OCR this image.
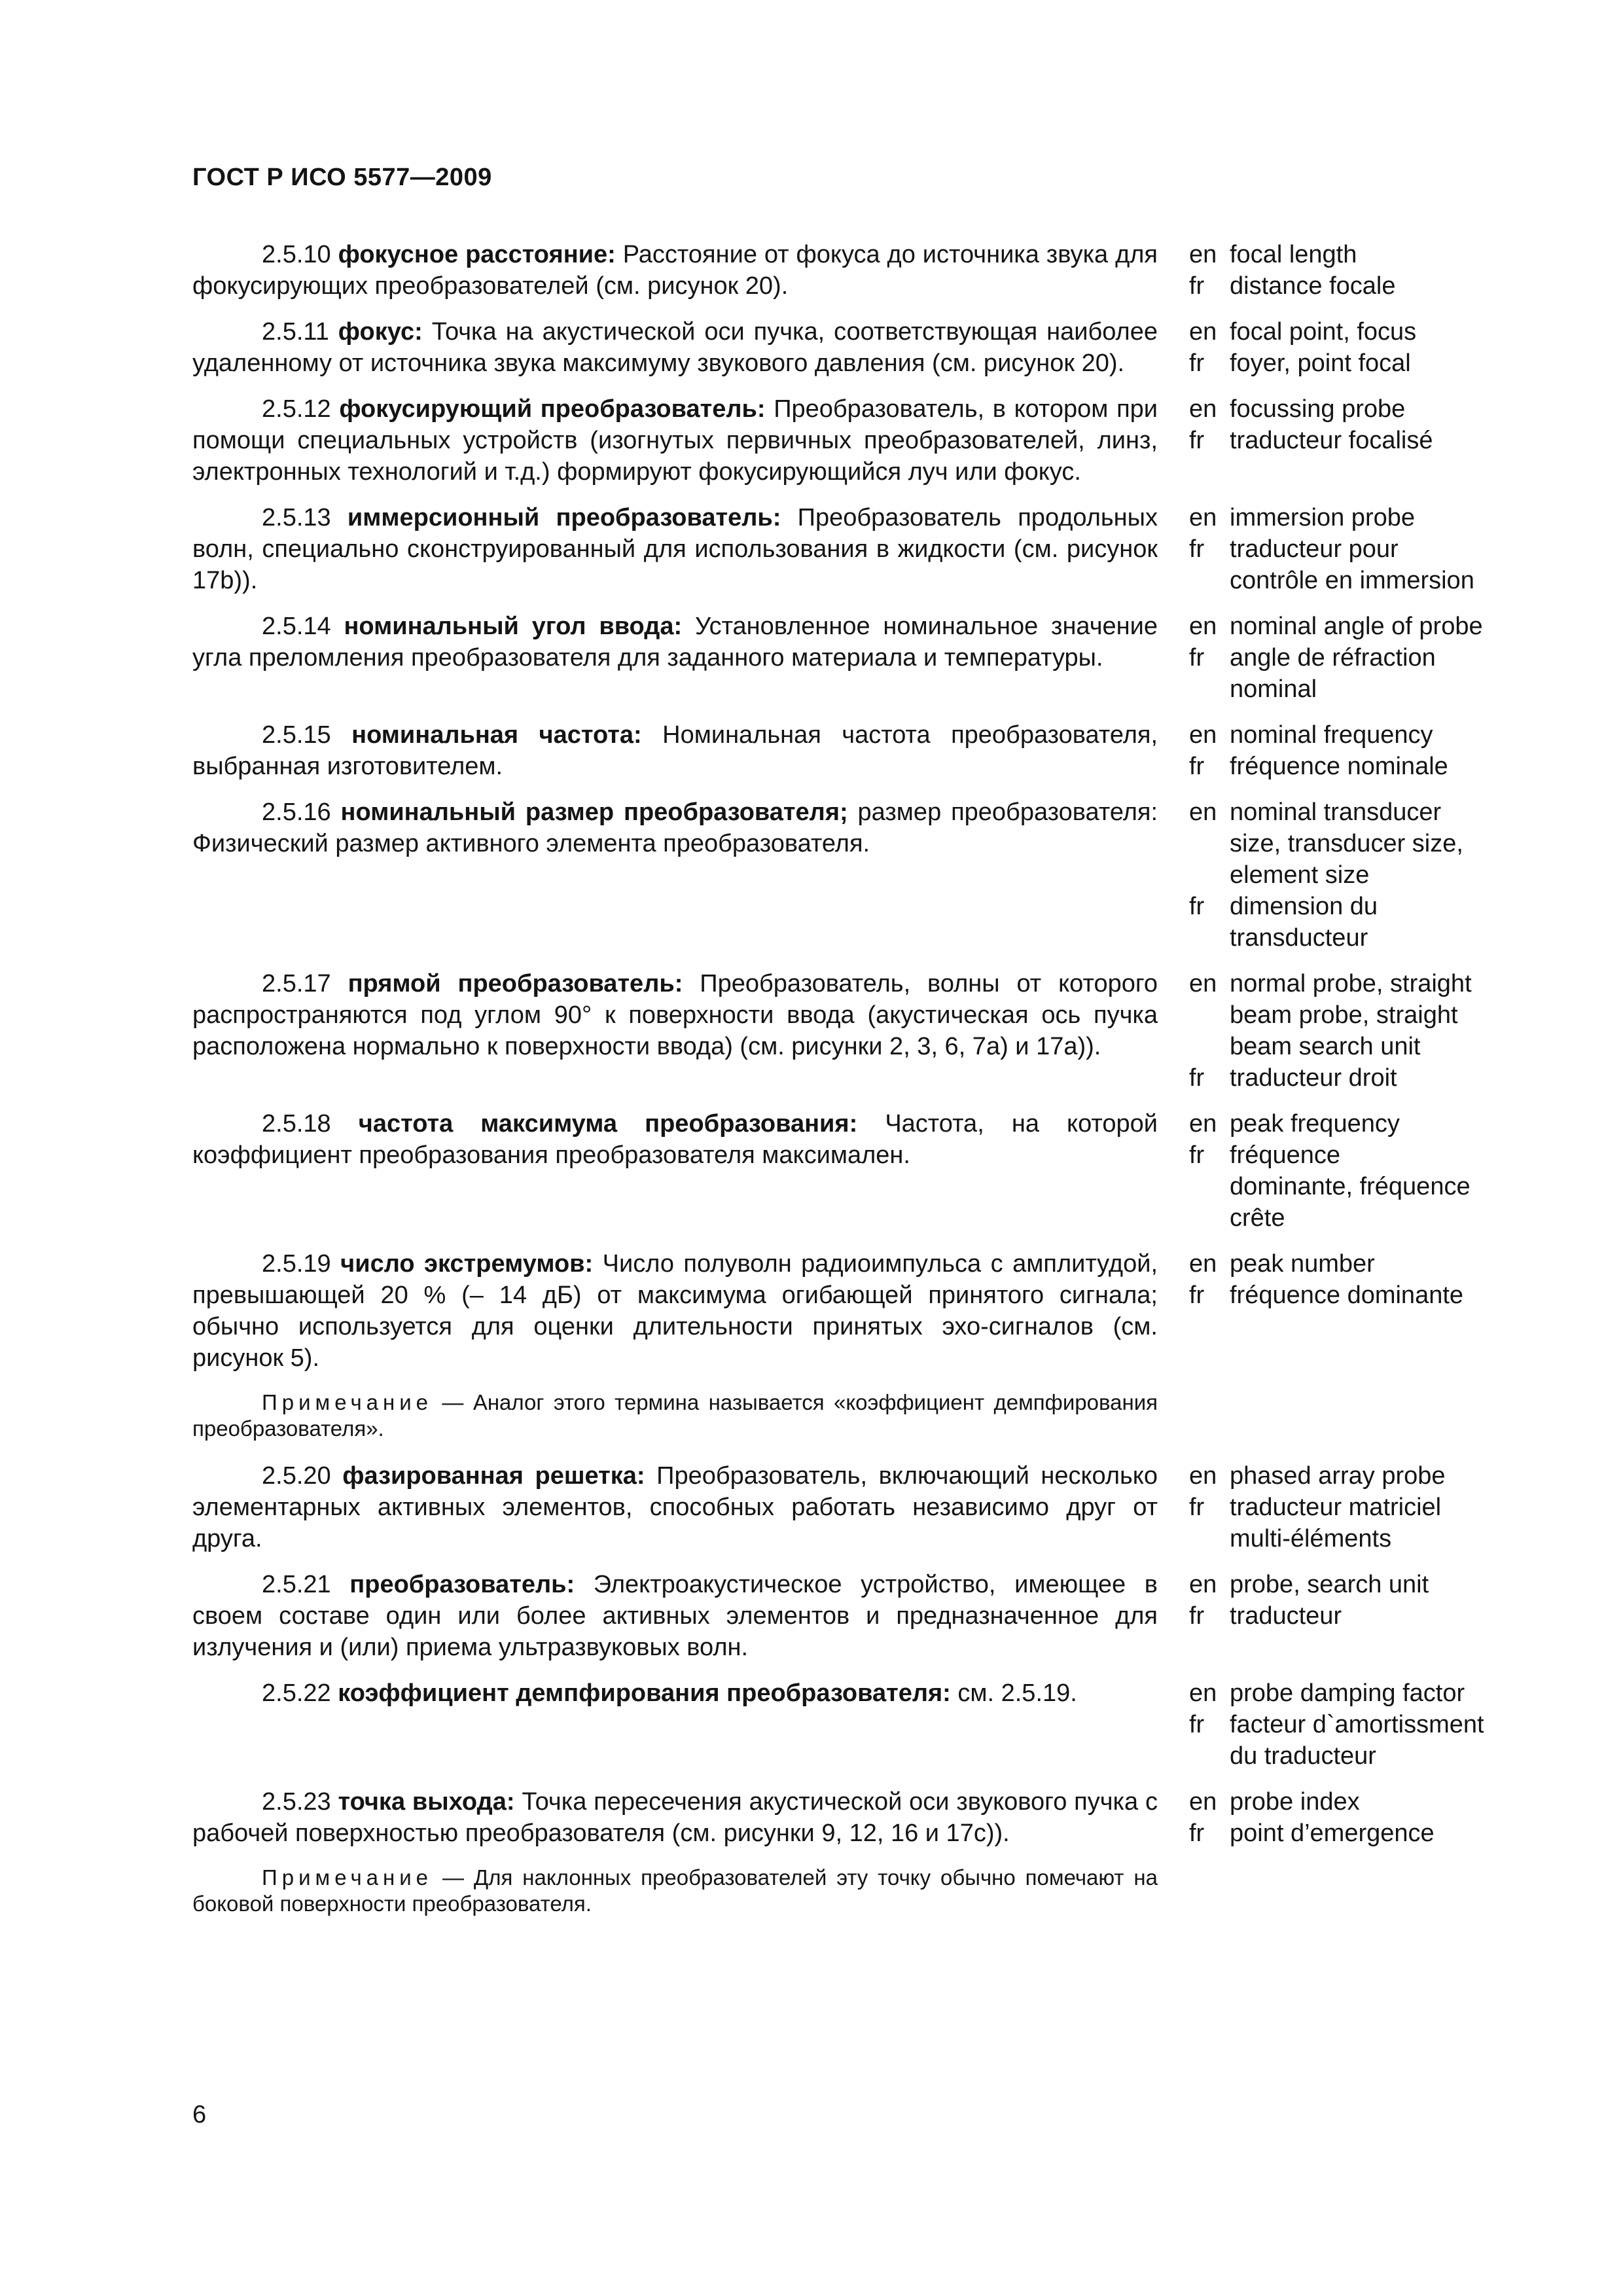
ГОСТ Р ИСО 5577—2009
2.5.10 фокусное расстояние: Расстояние от фокуса до источника звука для фокусирующих преобразователей (см. рисунок 20).
en focal length
fr	distance focale
2.5.11 фокус: Точка на акустической оси пучка, соответствующая наиболее удаленному от источника звука максимуму звукового давления (см. рисунок 20).
en focal point, focus
fr	foyer, point focal
2.5.12 фокусирующий преобразователь: Преобразователь, в котором при помощи специальных устройств (изогнутых первичных преобразователей, линз, электронных технологий и т.д.) формируют фокусирующийся луч или фокус.
en focussing probe
fr	traducteur focalisé
2.5.13 иммерсионный преобразователь: Преобразователь продольных волн, специально сконструированный для использования в жидкости (см. рисунок 17b)).
en immersion probe
fr	traducteur pour
contrôle en immersion
2.5.14 номинальный угол ввода: Установленное номинальное значение угла преломления преобразователя для заданного материала и температуры.
en nominal angle of probe
fr	angle de réfraction
nominal
2.5.15 номинальная частота: Номинальная частота преобразователя, выбранная изготовителем.
en nominal frequency
fr	fréquence nominale
2.5.16 номинальный размер преобразователя; размер преобразователя: Физический размер активного элемента преобразователя.
en nominal transducer
size, transducer size,
element size
fr	dimension du
transducteur
2.5.17 прямой преобразователь: Преобразователь, волны от которого распространяются под углом 90° к поверхности ввода (акустическая ось пучка расположена нормально к поверхности ввода) (см. рисунки 2, 3, 6, 7a) и 17a)).
en normal probe, straight
beam probe, straight
beam search unit
fr	traducteur droit
2.5.18 частота максимума преобразования: Частота, на которой коэффициент преобразования преобразователя максимален.
en peak frequency
fr	fréquence
dominante, fréquence
crête
2.5.19 число экстремумов: Число полуволн радиоимпульса с амплитудой, превышающей 20 % (– 14 дБ) от максимума огибающей принятого сигнала; обычно используется для оценки длительности принятых эхо-сигналов (см. рисунок 5).
en peak number
fr	fréquence dominante
Примечание — Аналог этого термина называется «коэффициент демпфирования преобразователя».
2.5.20 фазированная решетка: Преобразователь, включающий несколько элементарных активных элементов, способных работать независимо друг от друга.
en phased array probe
fr	traducteur matriciel
multi-éléments
2.5.21 преобразователь: Электроакустическое устройство, имеющее в своем составе один или более активных элементов и предназначенное для излучения и (или) приема ультразвуковых волн.
en probe, search unit
fr	traducteur
2.5.22 коэффициент демпфирования преобразователя: см. 2.5.19.	en probe damping factor
fr	facteur d`amortissment
du traducteur
2.5.23 точка выхода: Точка пересечения акустической оси звукового пучка с рабочей поверхностью преобразователя (см. рисунки 9, 12, 16 и 17c)).
en probe index
fr	point d’emergence
Примечание — Для наклонных преобразователей эту точку обычно помечают на боковой поверхности преобразователя.
6
